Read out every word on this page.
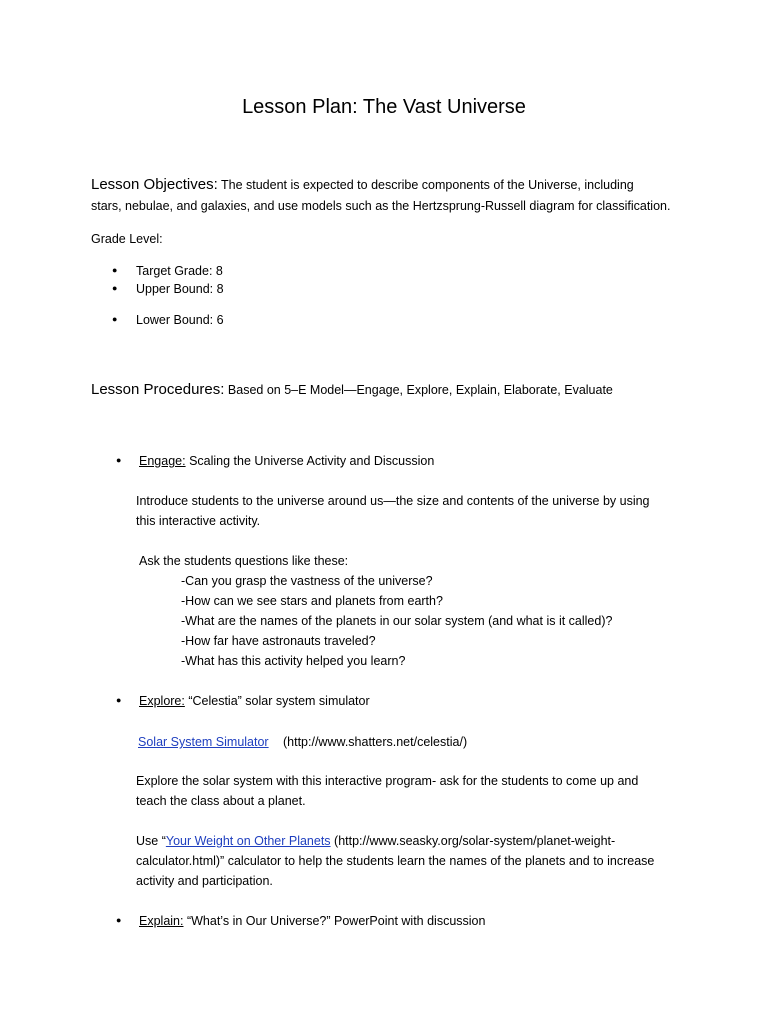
Lesson Plan: The Vast Universe
Lesson Objectives: The student is expected to describe components of the Universe, including
stars, nebulae, and galaxies, and use models such as the Hertzsprung-Russell diagram for classification.
Grade Level:
● Target Grade: 8
● Upper Bound: 8
● Lower Bound: 6
Lesson Procedures: Based on 5–E Model—Engage, Explore, Explain, Elaborate, Evaluate
● Engage: Scaling the Universe Activity and Discussion
Introduce students to the universe around us—the size and contents of the universe by using
this interactive activity.
Ask the students questions like these:
-Can you grasp the vastness of the universe?
-How can we see stars and planets from earth?
-What are the names of the planets in our solar system (and what is it called)?
-How far have astronauts traveled?
-What has this activity helped you learn?
● Explore: “Celestia” solar system simulator
Solar System Simulator (http://www.shatters.net/celestia/)
Explore the solar system with this interactive program- ask for the students to come up and
teach the class about a planet.
Use “Your Weight on Other Planets (http://www.seasky.org/solar-system/planet-weight-
calculator.html)” calculator to help the students learn the names of the planets and to increase
activity and participation.
● Explain: “What’s in Our Universe?” PowerPoint with discussion
